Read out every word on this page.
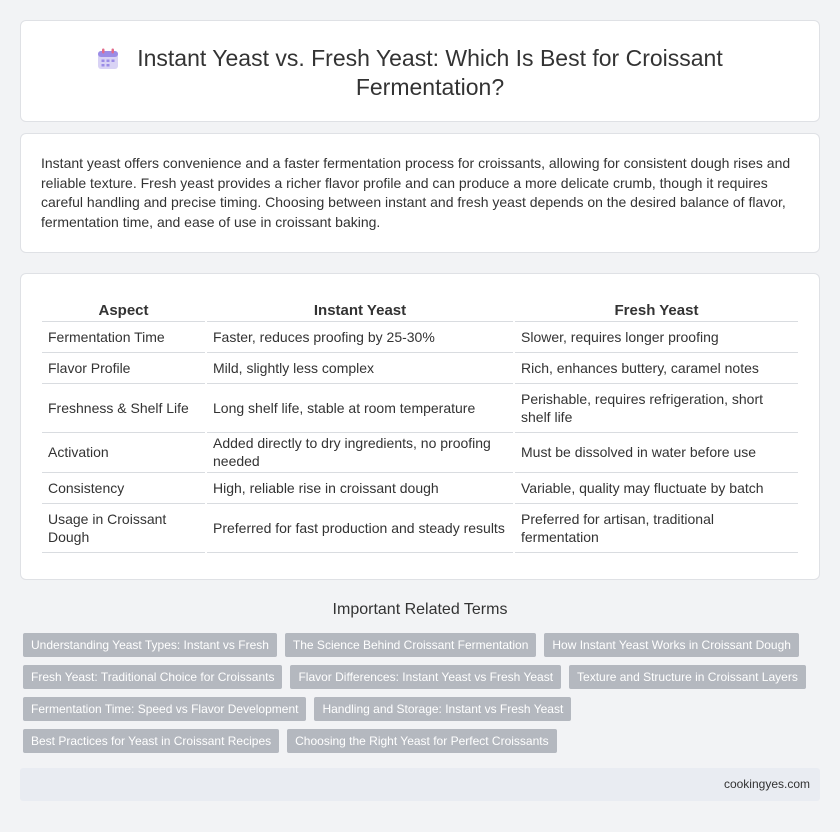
Instant Yeast vs. Fresh Yeast: Which Is Best for Croissant Fermentation?

Instant yeast offers convenience and a faster fermentation process for croissants, allowing for consistent dough rises and reliable texture. Fresh yeast provides a richer flavor profile and can produce a more delicate crumb, though it requires careful handling and precise timing. Choosing between instant and fresh yeast depends on the desired balance of flavor, fermentation time, and ease of use in croissant baking.

Aspect	Instant Yeast	Fresh Yeast
Fermentation Time	Faster, reduces proofing by 25-30%	Slower, requires longer proofing
Flavor Profile	Mild, slightly less complex	Rich, enhances buttery, caramel notes
Freshness & Shelf Life	Long shelf life, stable at room temperature	Perishable, requires refrigeration, short shelf life
Activation	Added directly to dry ingredients, no proofing needed	Must be dissolved in water before use
Consistency	High, reliable rise in croissant dough	Variable, quality may fluctuate by batch
Usage in Croissant Dough	Preferred for fast production and steady results	Preferred for artisan, traditional fermentation
Important Related Terms
Understanding Yeast Types: Instant vs Fresh	The Science Behind Croissant Fermentation	How Instant Yeast Works in Croissant Dough
Fresh Yeast: Traditional Choice for Croissants	Flavor Differences: Instant Yeast vs Fresh Yeast	Texture and Structure in Croissant Layers
Fermentation Time: Speed vs Flavor Development	Handling and Storage: Instant vs Fresh Yeast
Best Practices for Yeast in Croissant Recipes	Choosing the Right Yeast for Perfect Croissants
cookingyes.com
